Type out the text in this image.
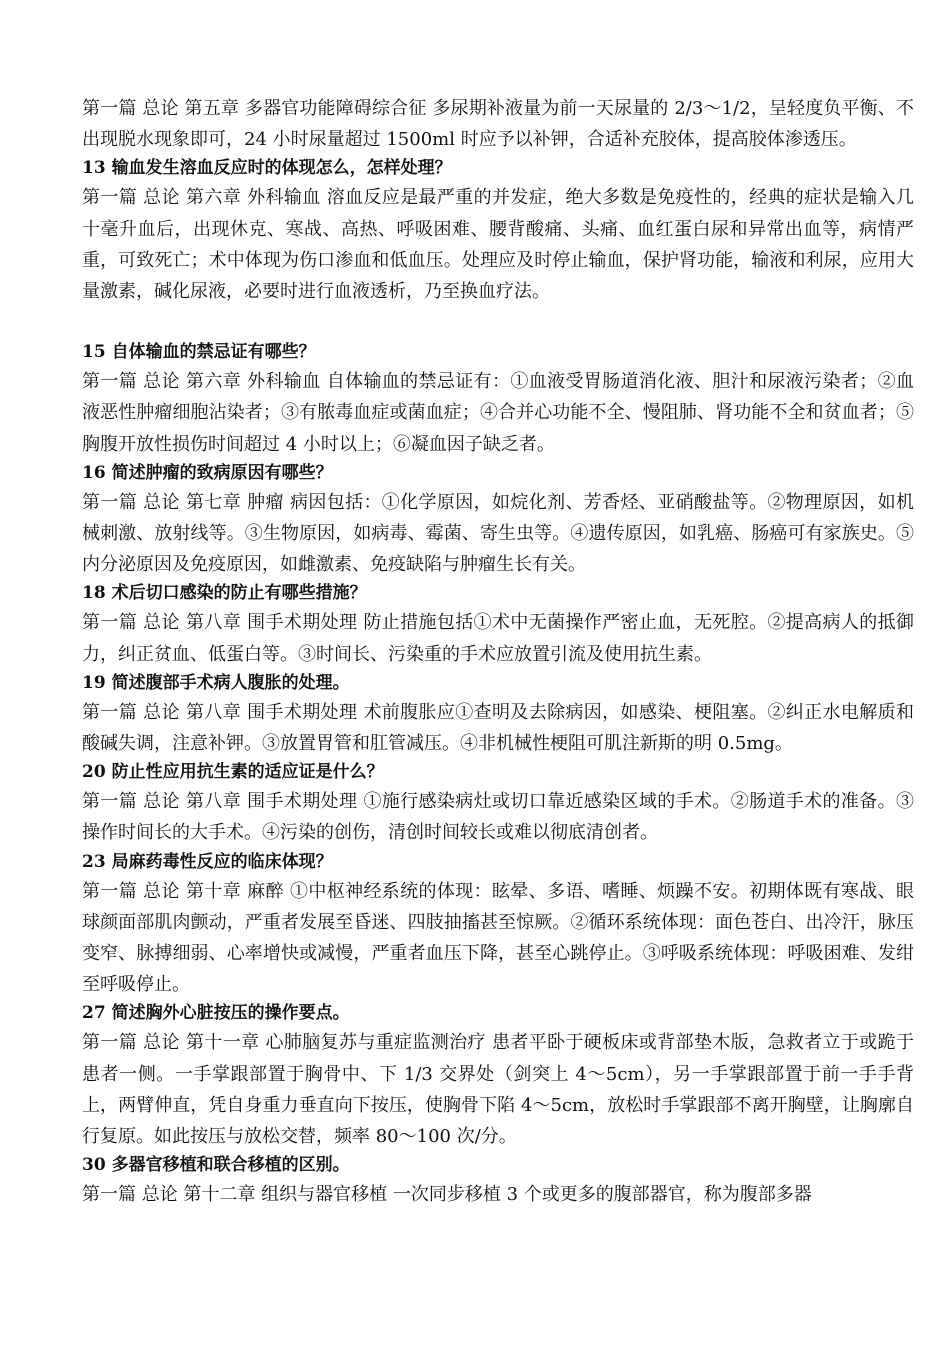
第一篇 总论 第五章 多器官功能障碍综合征 多尿期补液量为前一天尿量的 2/3～1/2，呈轻度负平衡、不出现脱水现象即可，24 小时尿量超过 1500ml 时应予以补钾，合适补充胶体，提高胶体渗透压。

13 输血发生溶血反应时的体现怎么，怎样处理？

第一篇 总论 第六章 外科输血 溶血反应是最严重的并发症，绝大多数是免疫性的，经典的症状是输入几十毫升血后，出现休克、寒战、高热、呼吸困难、腰背酸痛、头痛、血红蛋白尿和异常出血等，病情严重，可致死亡；术中体现为伤口渗血和低血压。处理应及时停止输血，保护肾功能，输液和利尿，应用大量激素，碱化尿液，必要时进行血液透析，乃至换血疗法。

15 自体输血的禁忌证有哪些？

第一篇 总论 第六章 外科输血 自体输血的禁忌证有：①血液受胃肠道消化液、胆汁和尿液污染者；②血液恶性肿瘤细胞沾染者；③有脓毒血症或菌血症；④合并心功能不全、慢阻肺、肾功能不全和贫血者；⑤胸腹开放性损伤时间超过 4 小时以上；⑥凝血因子缺乏者。

16 简述肿瘤的致病原因有哪些？

第一篇 总论 第七章 肿瘤 病因包括：①化学原因，如烷化剂、芳香烃、亚硝酸盐等。②物理原因，如机械刺激、放射线等。③生物原因，如病毒、霉菌、寄生虫等。④遗传原因，如乳癌、肠癌可有家族史。⑤内分泌原因及免疫原因，如雌激素、免疫缺陷与肿瘤生长有关。

18 术后切口感染的防止有哪些措施？

第一篇 总论 第八章 围手术期处理 防止措施包括①术中无菌操作严密止血，无死腔。②提高病人的抵御力，纠正贫血、低蛋白等。③时间长、污染重的手术应放置引流及使用抗生素。

19 简述腹部手术病人腹胀的处理。

第一篇 总论 第八章 围手术期处理 术前腹胀应①查明及去除病因，如感染、梗阻塞。②纠正水电解质和酸碱失调，注意补钾。③放置胃管和肛管减压。④非机械性梗阻可肌注新斯的明 0.5mg。

20 防止性应用抗生素的适应证是什么？

第一篇 总论 第八章 围手术期处理 ①施行感染病灶或切口靠近感染区域的手术。②肠道手术的准备。③操作时间长的大手术。④污染的创伤，清创时间较长或难以彻底清创者。

23 局麻药毒性反应的临床体现？

第一篇 总论 第十章 麻醉 ①中枢神经系统的体现：眩晕、多语、嗜睡、烦躁不安。初期体既有寒战、眼球颜面部肌肉颤动，严重者发展至昏迷、四肢抽搐甚至惊厥。②循环系统体现：面色苍白、出冷汗，脉压变窄、脉搏细弱、心率增快或减慢，严重者血压下降，甚至心跳停止。③呼吸系统体现：呼吸困难、发绀至呼吸停止。

27 简述胸外心脏按压的操作要点。

第一篇 总论 第十一章 心肺脑复苏与重症监测治疗 患者平卧于硬板床或背部垫木版，急救者立于或跪于患者一侧。一手掌跟部置于胸骨中、下 1/3 交界处（剑突上 4～5cm），另一手掌跟部置于前一手手背上，两臂伸直，凭自身重力垂直向下按压，使胸骨下陷 4～5cm，放松时手掌跟部不离开胸壁，让胸廓自行复原。如此按压与放松交替，频率 80～100 次/分。

30 多器官移植和联合移植的区别。

第一篇 总论 第十二章 组织与器官移植 一次同步移植 3 个或更多的腹部器官，称为腹部多器
